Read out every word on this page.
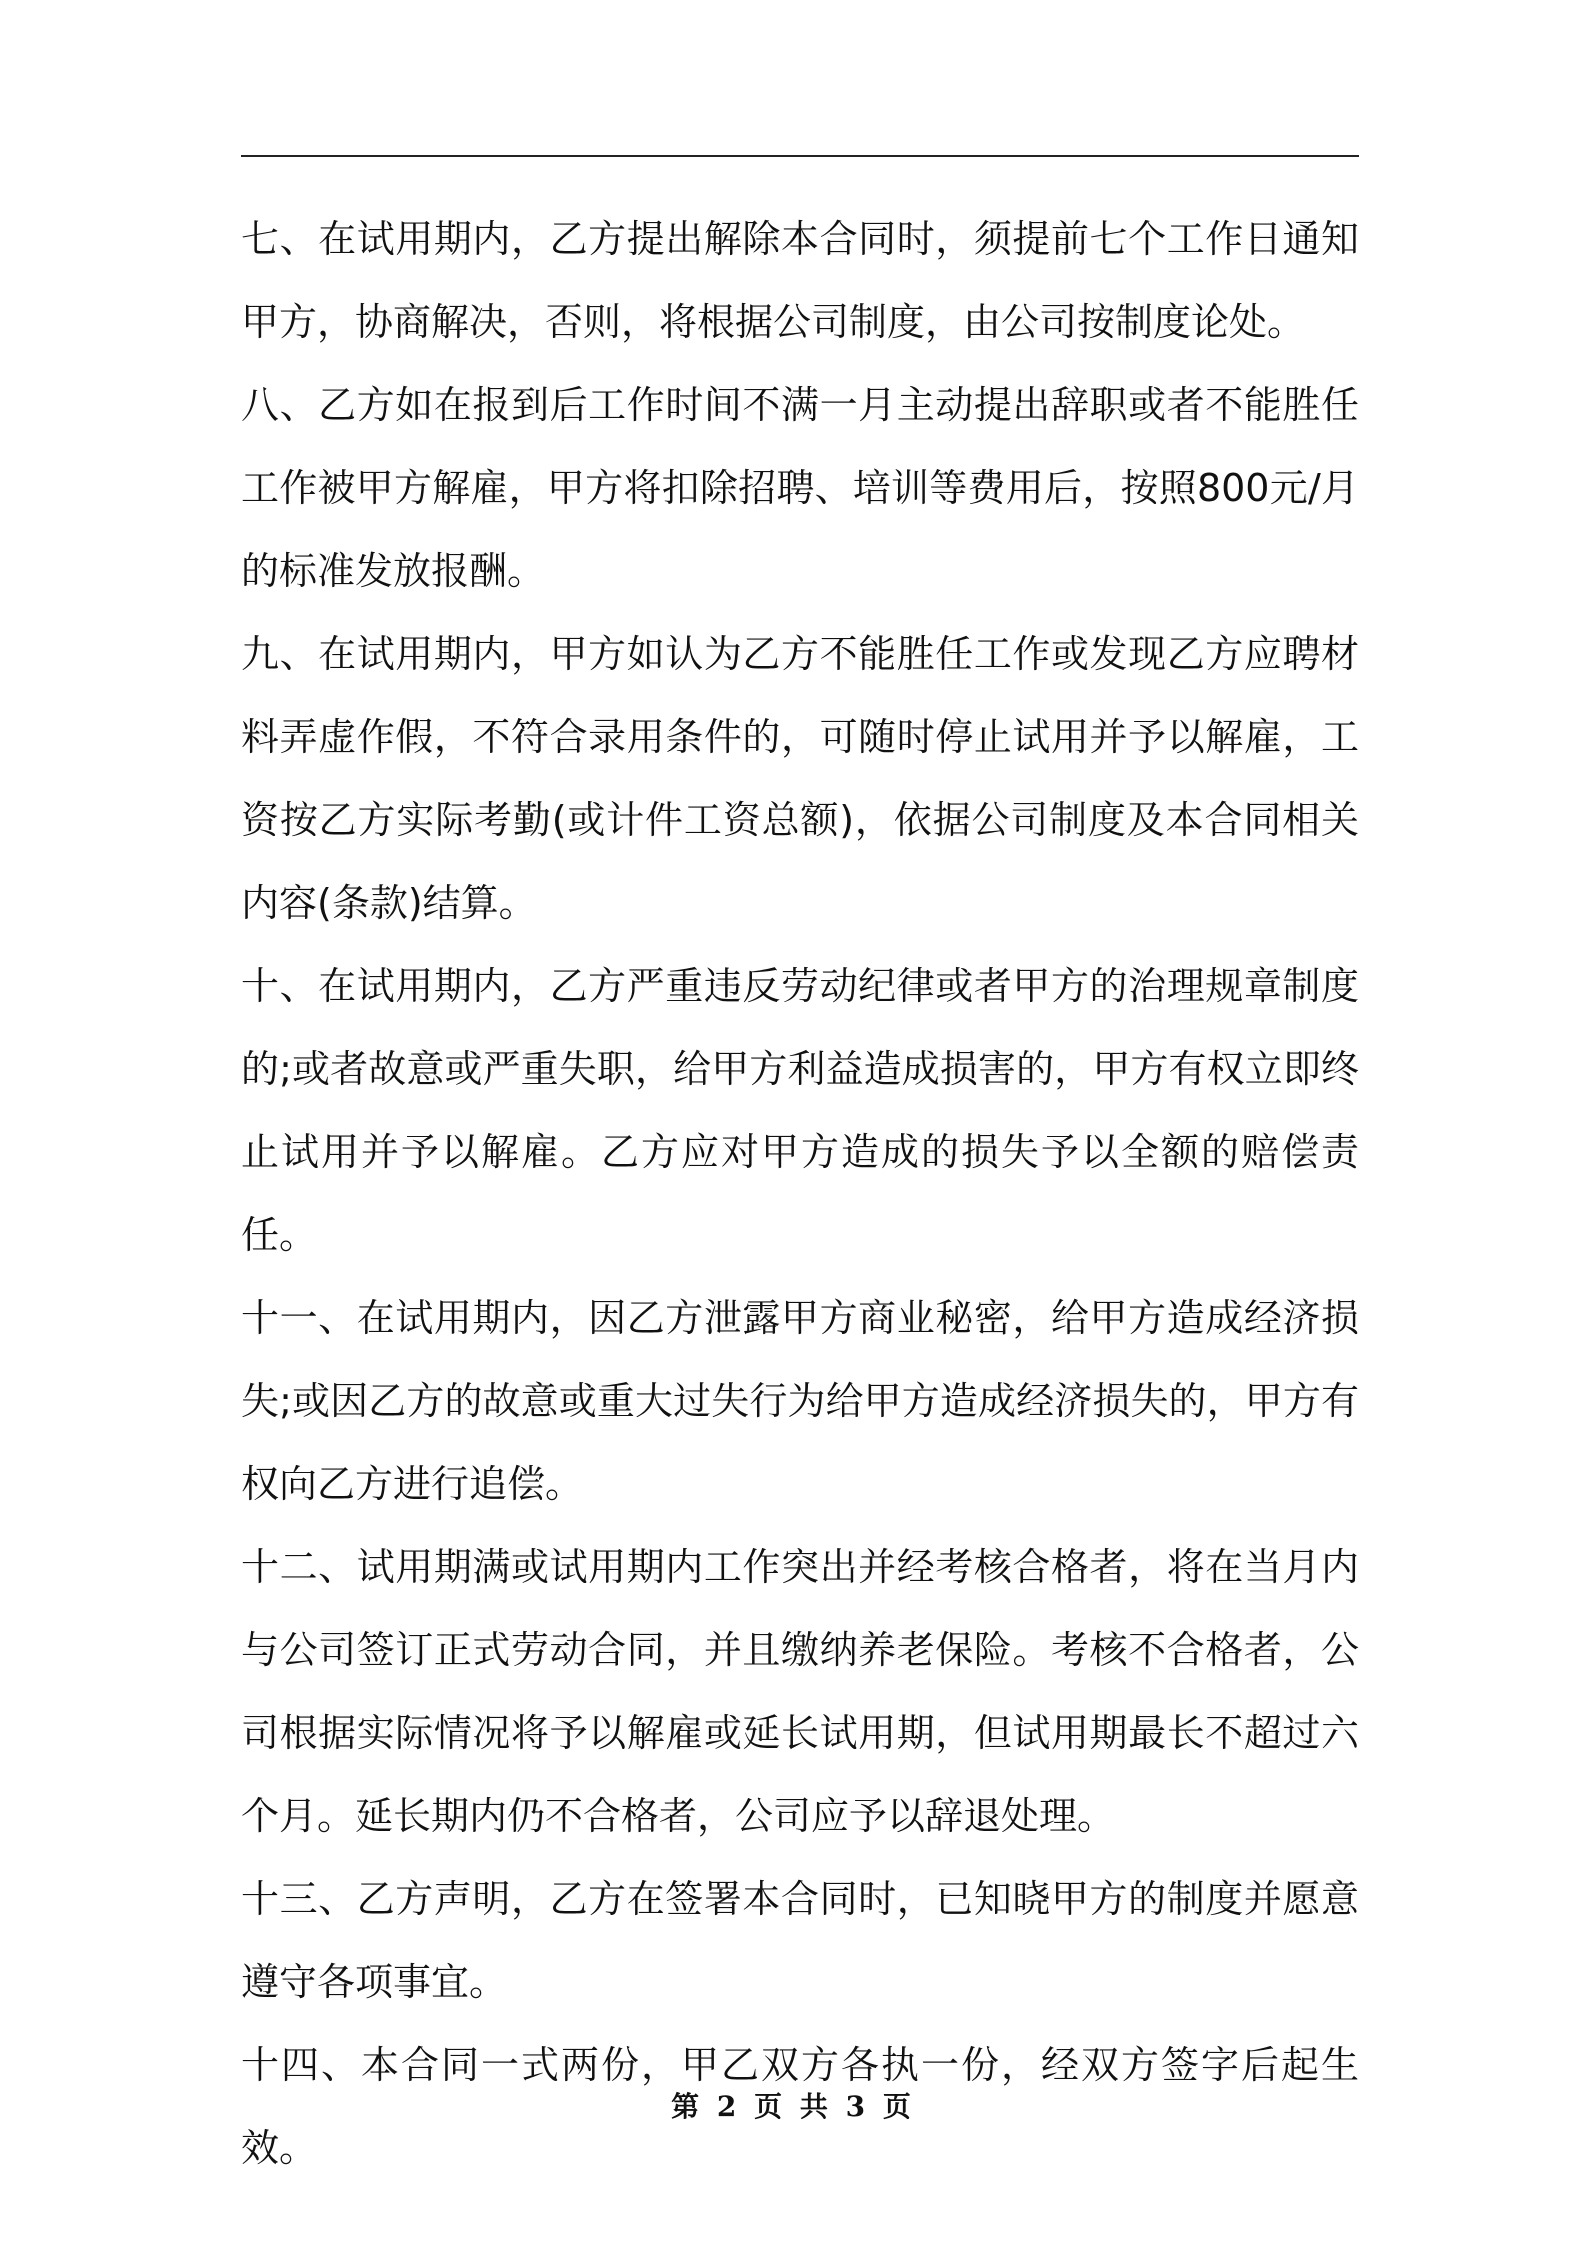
七、在试用期内，乙方提出解除本合同时，须提前七个工作日通知甲方，协商解决，否则，将根据公司制度，由公司按制度论处。

八、乙方如在报到后工作时间不满一月主动提出辞职或者不能胜任工作被甲方解雇，甲方将扣除招聘、培训等费用后，按照800元/月的标准发放报酬。

九、在试用期内，甲方如认为乙方不能胜任工作或发现乙方应聘材料弄虚作假，不符合录用条件的，可随时停止试用并予以解雇，工资按乙方实际考勤(或计件工资总额)，依据公司制度及本合同相关内容(条款)结算。

十、在试用期内，乙方严重违反劳动纪律或者甲方的治理规章制度的;或者故意或严重失职，给甲方利益造成损害的，甲方有权立即终止试用并予以解雇。乙方应对甲方造成的损失予以全额的赔偿责任。

十一、在试用期内，因乙方泄露甲方商业秘密，给甲方造成经济损失;或因乙方的故意或重大过失行为给甲方造成经济损失的，甲方有权向乙方进行追偿。

十二、试用期满或试用期内工作突出并经考核合格者，将在当月内与公司签订正式劳动合同，并且缴纳养老保险。考核不合格者，公司根据实际情况将予以解雇或延长试用期，但试用期最长不超过六个月。延长期内仍不合格者，公司应予以辞退处理。

十三、乙方声明，乙方在签署本合同时，已知晓甲方的制度并愿意遵守各项事宜。

十四、本合同一式两份，甲乙双方各执一份，经双方签字后起生效。

第 2 页 共 3 页
